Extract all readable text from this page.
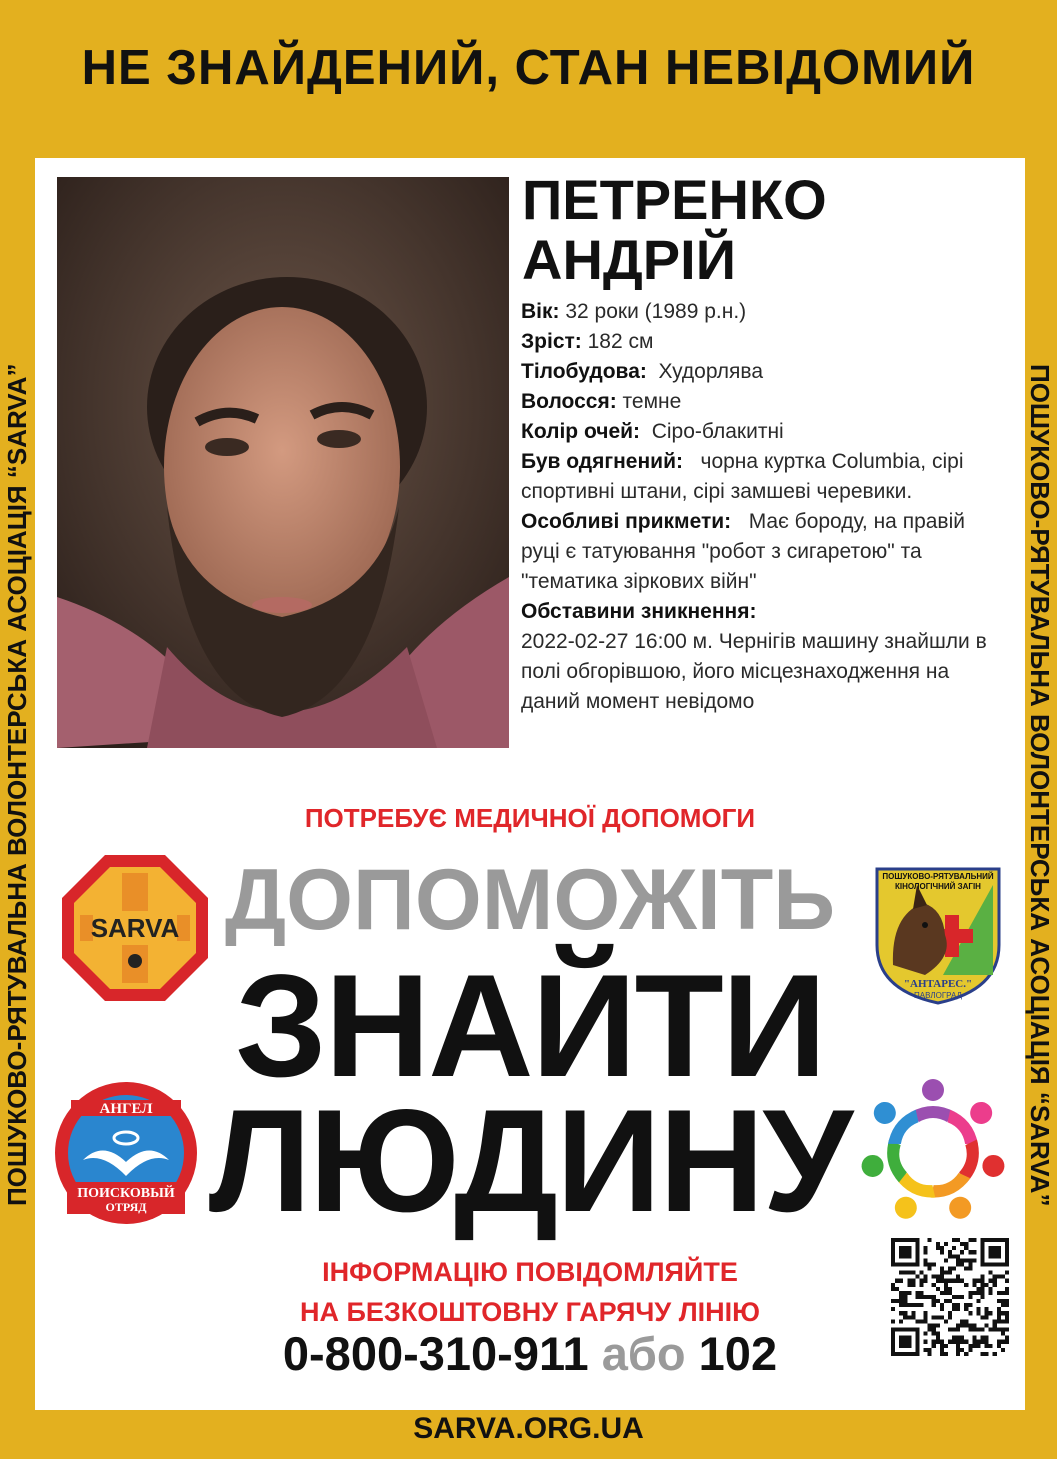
НЕ ЗНАЙДЕНИЙ, СТАН НЕВІДОМИЙ
ПОШУКОВО-РЯТУВАЛЬНА ВОЛОНТЕРСЬКА АСОЦІАЦІЯ “SARVA”	ПОШУКОВО-РЯТУВАЛЬНА ВОЛОНТЕРСЬКА АСОЦІАЦІЯ “SARVA”
ПЕТРЕНКО
АНДРІЙ

Вік: 32 роки (1989 р.н.)

Зріст: 182 см

Тілобудова: Худорлява

Волосся: темне

Колір очей: Сіро-блакитні

Був одягнений: чорна куртка Columbia, сірі спортивні штани, сірі замшеві черевики.

Особливі прикмети: Має бороду, на правій руці є татуювання "робот з сигаретою" та "тематика зіркових війн"

Обставини зникнення:

2022-02-27 16:00 м. Чернігів машину знайшли в полі обгорівшою, його місцезнаходження на даний момент невідомо

ПОТРЕБУЄ МЕДИЧНОЇ ДОПОМОГИ
ДОПОМОЖІТЬ
ЗНАЙТИ
ЛЮДИНУ
SARVA
ПОШУКОВО-РЯТУВАЛЬНИЙ
КІНОЛОГІЧНИЙ ЗАГІН
"АНТАРЕС."
ПАВЛОГРАД
АНГЕЛ
ПОИСКОВЫЙ
ОТРЯД
ІНФОРМАЦІЮ ПОВІДОМЛЯЙТЕ
НА БЕЗКОШТОВНУ ГАРЯЧУ ЛІНІЮ
0-800-310-911 або 102
SARVA.ORG.UA
